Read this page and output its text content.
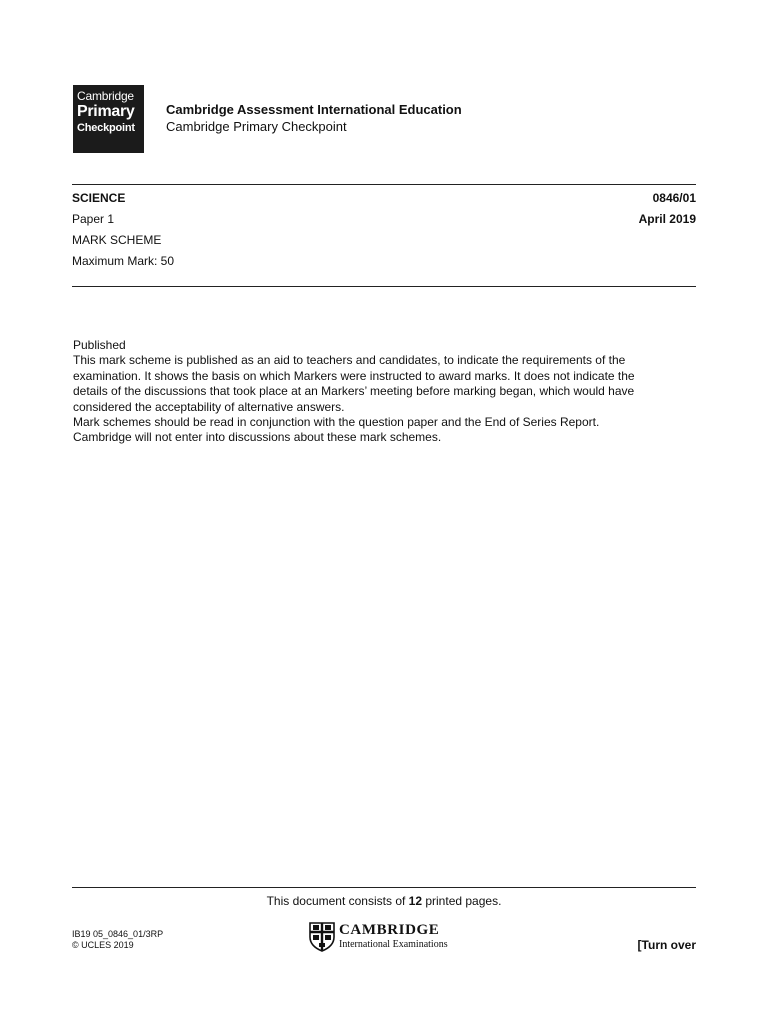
Cambridge
Primary
Checkpoint
Cambridge Assessment International Education
Cambridge Primary Checkpoint
SCIENCE
Paper 1
MARK SCHEME
Maximum Mark: 50
0846/01
April 2019

Published

This mark scheme is published as an aid to teachers and candidates, to indicate the requirements of the

examination. It shows the basis on which Markers were instructed to award marks. It does not indicate the

details of the discussions that took place at an Markers’ meeting before marking began, which would have

considered the acceptability of alternative answers.

Mark schemes should be read in conjunction with the question paper and the End of Series Report.

Cambridge will not enter into discussions about these mark schemes.

This document consists of 12 printed pages.
IB19 05_0846_01/3RP
© UCLES 2019
CAMBRIDGE
International Examinations	[Turn over
